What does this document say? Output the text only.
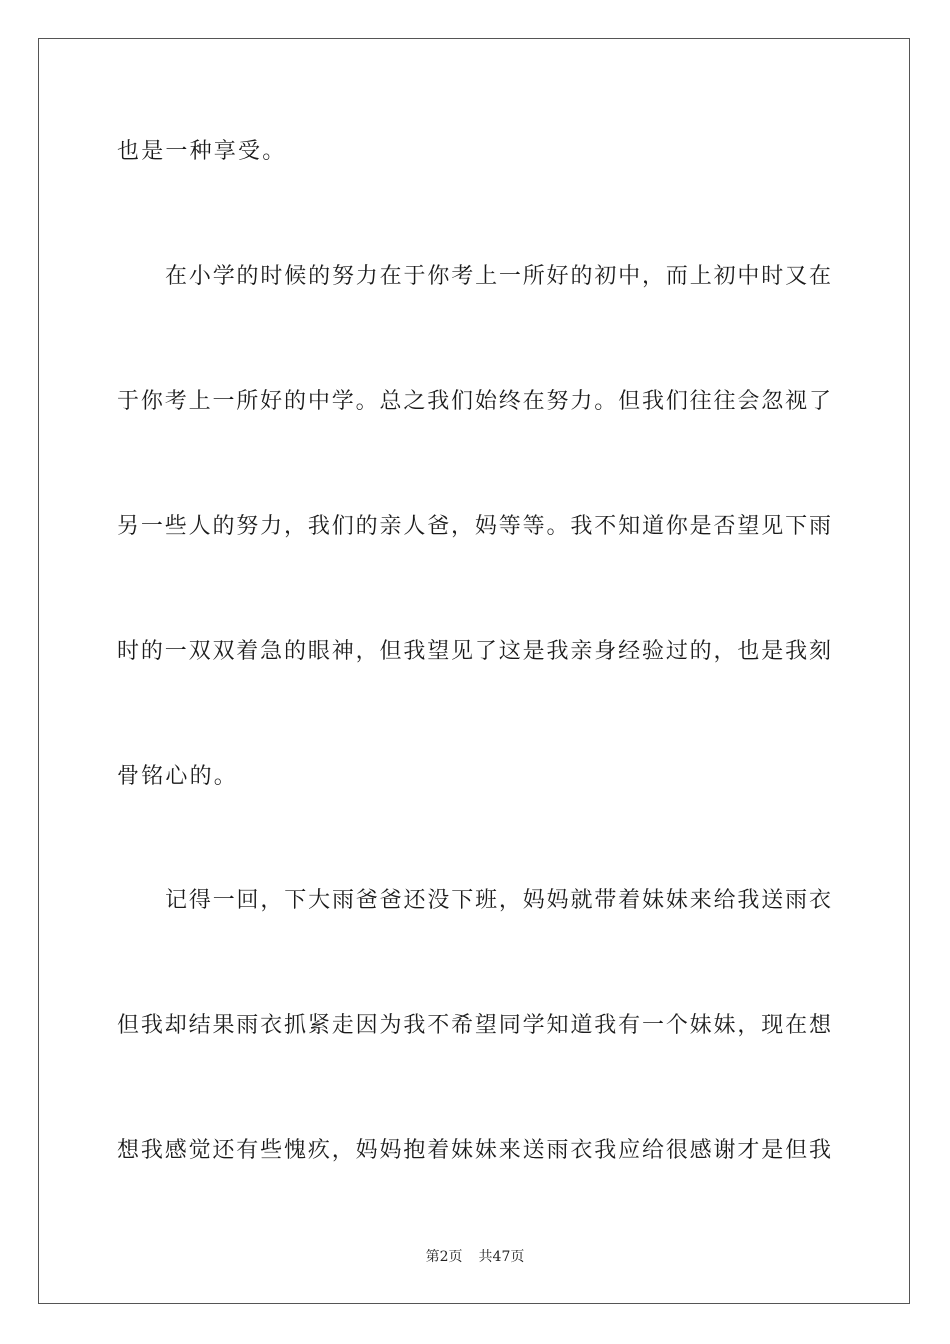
也是一种享受。
在小学的时候的努力在于你考上一所好的初中，而上初中时又在
于你考上一所好的中学。总之我们始终在努力。但我们往往会忽视了
另一些人的努力，我们的亲人爸，妈等等。我不知道你是否望见下雨
时的一双双着急的眼神，但我望见了这是我亲身经验过的，也是我刻
骨铭心的。
记得一回，下大雨爸爸还没下班，妈妈就带着妹妹来给我送雨衣
但我却结果雨衣抓紧走因为我不希望同学知道我有一个妹妹，现在想
想我感觉还有些愧疚，妈妈抱着妹妹来送雨衣我应给很感谢才是但我
第2页 共47页
